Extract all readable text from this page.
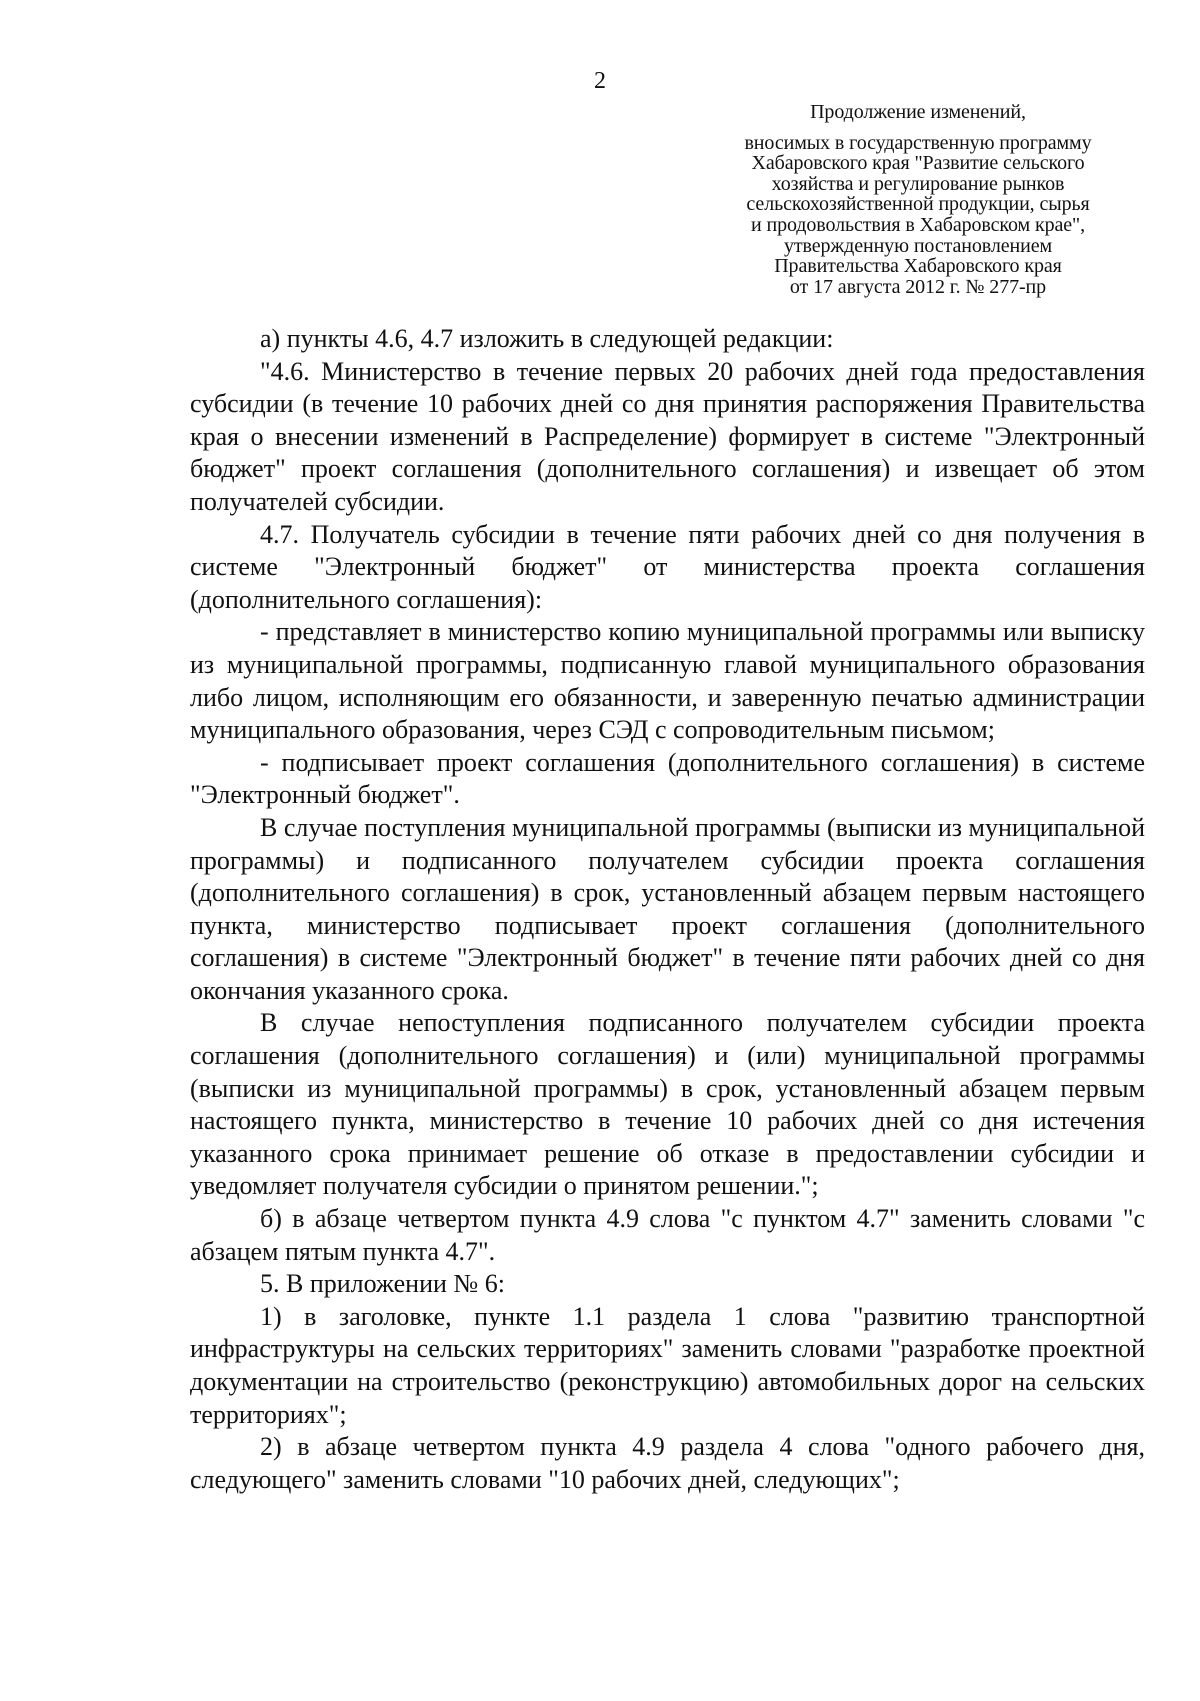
2
Продолжение изменений,
вносимых в государственную программу
Хабаровского края "Развитие сельского
хозяйства и регулирование рынков
сельскохозяйственной продукции, сырья
и продовольствия в Хабаровском крае",
утвержденную постановлением
Правительства Хабаровского края
от 17 августа 2012 г. № 277-пр

а) пункты 4.6, 4.7 изложить в следующей редакции:

"4.6. Министерство в течение первых 20 рабочих дней года предоставления субсидии (в течение 10 рабочих дней со дня принятия распоряжения Правительства края о внесении изменений в Распределение) формирует в системе "Электронный бюджет" проект соглашения (дополнительного соглашения) и извещает об этом получателей субсидии.

4.7. Получатель субсидии в течение пяти рабочих дней со дня получения в системе "Электронный бюджет" от министерства проекта соглашения (дополнительного соглашения):

- представляет в министерство копию муниципальной программы или выписку из муниципальной программы, подписанную главой муниципального образования либо лицом, исполняющим его обязанности, и заверенную печатью администрации муниципального образования, через СЭД с сопроводительным письмом;

- подписывает проект соглашения (дополнительного соглашения) в системе "Электронный бюджет".

В случае поступления муниципальной программы (выписки из муниципальной программы) и подписанного получателем субсидии проекта соглашения (дополнительного соглашения) в срок, установленный абзацем первым настоящего пункта, министерство подписывает проект соглашения (дополнительного соглашения) в системе "Электронный бюджет" в течение пяти рабочих дней со дня окончания указанного срока.

В случае непоступления подписанного получателем субсидии проекта соглашения (дополнительного соглашения) и (или) муниципальной программы (выписки из муниципальной программы) в срок, установленный абзацем первым настоящего пункта, министерство в течение 10 рабочих дней со дня истечения указанного срока принимает решение об отказе в предоставлении субсидии и уведомляет получателя субсидии о принятом решении.";

б) в абзаце четвертом пункта 4.9 слова "с пунктом 4.7" заменить словами "с абзацем пятым пункта 4.7".

5. В приложении № 6:

1) в заголовке, пункте 1.1 раздела 1 слова "развитию транспортной инфраструктуры на сельских территориях" заменить словами "разработке проектной документации на строительство (реконструкцию) автомобильных дорог на сельских территориях";

2) в абзаце четвертом пункта 4.9 раздела 4 слова "одного рабочего дня, следующего" заменить словами "10 рабочих дней, следующих";
